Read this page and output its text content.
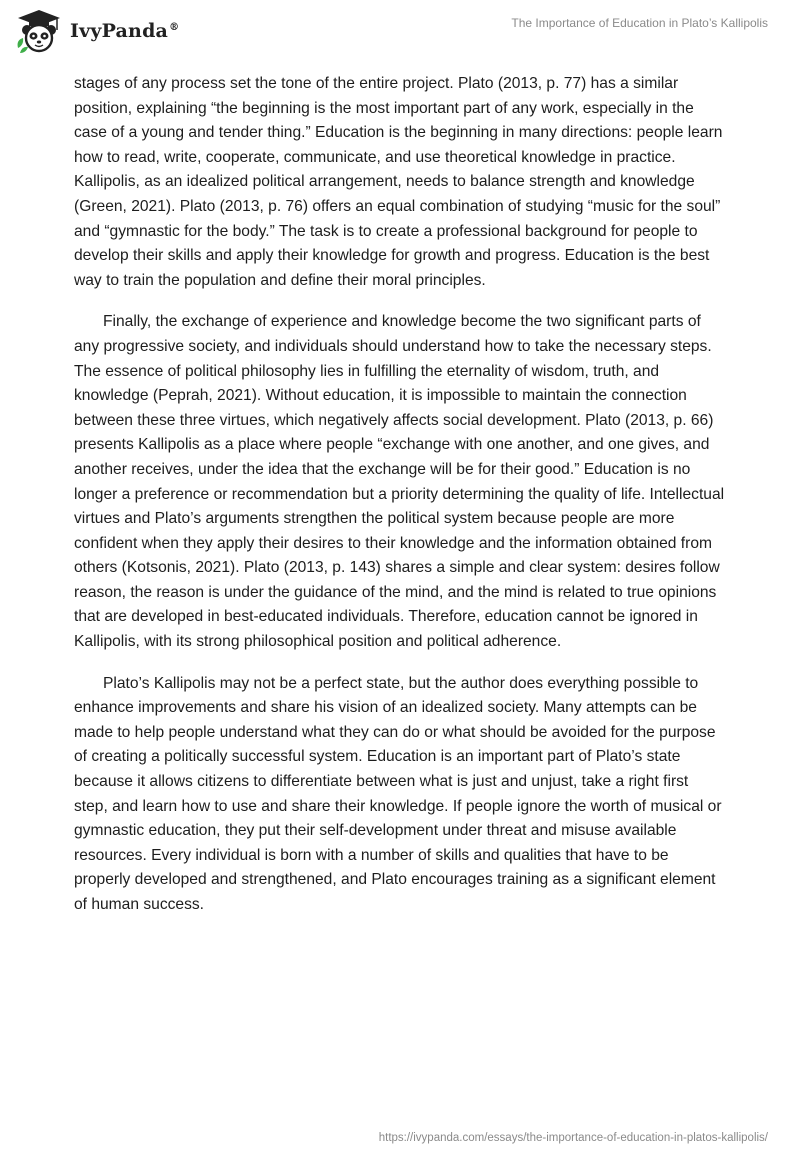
IvyPanda®	The Importance of Education in Plato’s Kallipolis

stages of any process set the tone of the entire project. Plato (2013, p. 77) has a similar position, explaining “the beginning is the most important part of any work, especially in the case of a young and tender thing.” Education is the beginning in many directions: people learn how to read, write, cooperate, communicate, and use theoretical knowledge in practice. Kallipolis, as an idealized political arrangement, needs to balance strength and knowledge (Green, 2021). Plato (2013, p. 76) offers an equal combination of studying “music for the soul” and “gymnastic for the body.” The task is to create a professional background for people to develop their skills and apply their knowledge for growth and progress. Education is the best way to train the population and define their moral principles.

Finally, the exchange of experience and knowledge become the two significant parts of any progressive society, and individuals should understand how to take the necessary steps. The essence of political philosophy lies in fulfilling the eternality of wisdom, truth, and knowledge (Peprah, 2021). Without education, it is impossible to maintain the connection between these three virtues, which negatively affects social development. Plato (2013, p. 66) presents Kallipolis as a place where people “exchange with one another, and one gives, and another receives, under the idea that the exchange will be for their good.” Education is no longer a preference or recommendation but a priority determining the quality of life. Intellectual virtues and Plato’s arguments strengthen the political system because people are more confident when they apply their desires to their knowledge and the information obtained from others (Kotsonis, 2021). Plato (2013, p. 143) shares a simple and clear system: desires follow reason, the reason is under the guidance of the mind, and the mind is related to true opinions that are developed in best-educated individuals. Therefore, education cannot be ignored in Kallipolis, with its strong philosophical position and political adherence.

Plato’s Kallipolis may not be a perfect state, but the author does everything possible to enhance improvements and share his vision of an idealized society. Many attempts can be made to help people understand what they can do or what should be avoided for the purpose of creating a politically successful system. Education is an important part of Plato’s state because it allows citizens to differentiate between what is just and unjust, take a right first step, and learn how to use and share their knowledge. If people ignore the worth of musical or gymnastic education, they put their self-development under threat and misuse available resources. Every individual is born with a number of skills and qualities that have to be properly developed and strengthened, and Plato encourages training as a significant element of human success.

https://ivypanda.com/essays/the-importance-of-education-in-platos-kallipolis/
